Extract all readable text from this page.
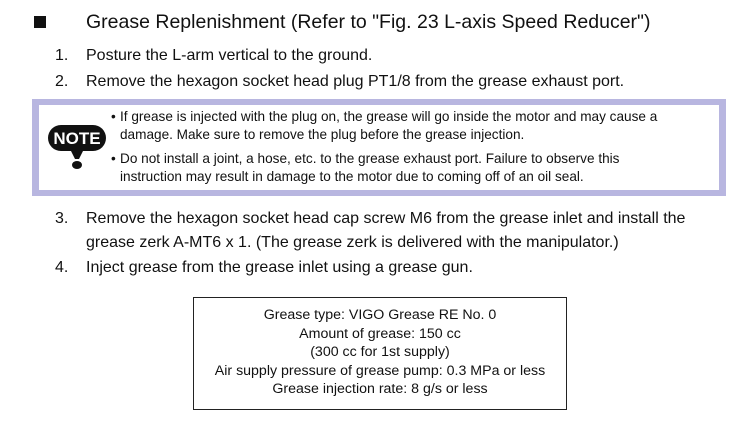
Grease Replenishment (Refer to "Fig. 23 L-axis Speed Reducer")
1. Posture the L-arm vertical to the ground.
2. Remove the hexagon socket head plug PT1/8 from the grease exhaust port.
NOTE
• If grease is injected with the plug on, the grease will go inside the motor and may cause a
damage. Make sure to remove the plug before the grease injection.
• Do not install a joint, a hose, etc. to the grease exhaust port. Failure to observe this
instruction may result in damage to the motor due to coming off of an oil seal.
3. Remove the hexagon socket head cap screw M6 from the grease inlet and install the
grease zerk A-MT6 x 1. (The grease zerk is delivered with the manipulator.)
4. Inject grease from the grease inlet using a grease gun.
Grease type: VIGO Grease RE No. 0
Amount of grease: 150 cc
(300 cc for 1st supply)
Air supply pressure of grease pump: 0.3 MPa or less
Grease injection rate: 8 g/s or less
